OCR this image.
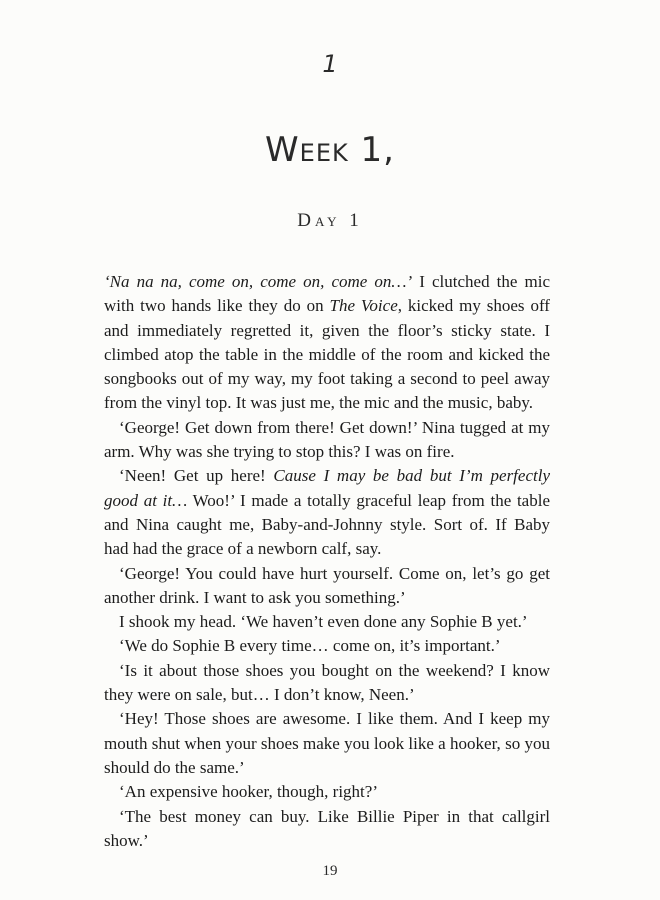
1
Week 1,
Day 1

‘Na na na, come on, come on, come on…’ I clutched the mic with two hands like they do on The Voice, kicked my shoes off and immediately regretted it, given the floor’s sticky state. I climbed atop the table in the middle of the room and kicked the songbooks out of my way, my foot taking a second to peel away from the vinyl top. It was just me, the mic and the music, baby.

‘George! Get down from there! Get down!’ Nina tugged at my arm. Why was she trying to stop this? I was on fire.

‘Neen! Get up here! Cause I may be bad but I’m perfectly good at it… Woo!’ I made a totally graceful leap from the table and Nina caught me, Baby-and-Johnny style. Sort of. If Baby had had the grace of a newborn calf, say.

‘George! You could have hurt yourself. Come on, let’s go get another drink. I want to ask you something.’

I shook my head. ‘We haven’t even done any Sophie B yet.’

‘We do Sophie B every time… come on, it’s important.’

‘Is it about those shoes you bought on the weekend? I know they were on sale, but… I don’t know, Neen.’

‘Hey! Those shoes are awesome. I like them. And I keep my mouth shut when your shoes make you look like a hooker, so you should do the same.’

‘An expensive hooker, though, right?’

‘The best money can buy. Like Billie Piper in that callgirl show.’

19
